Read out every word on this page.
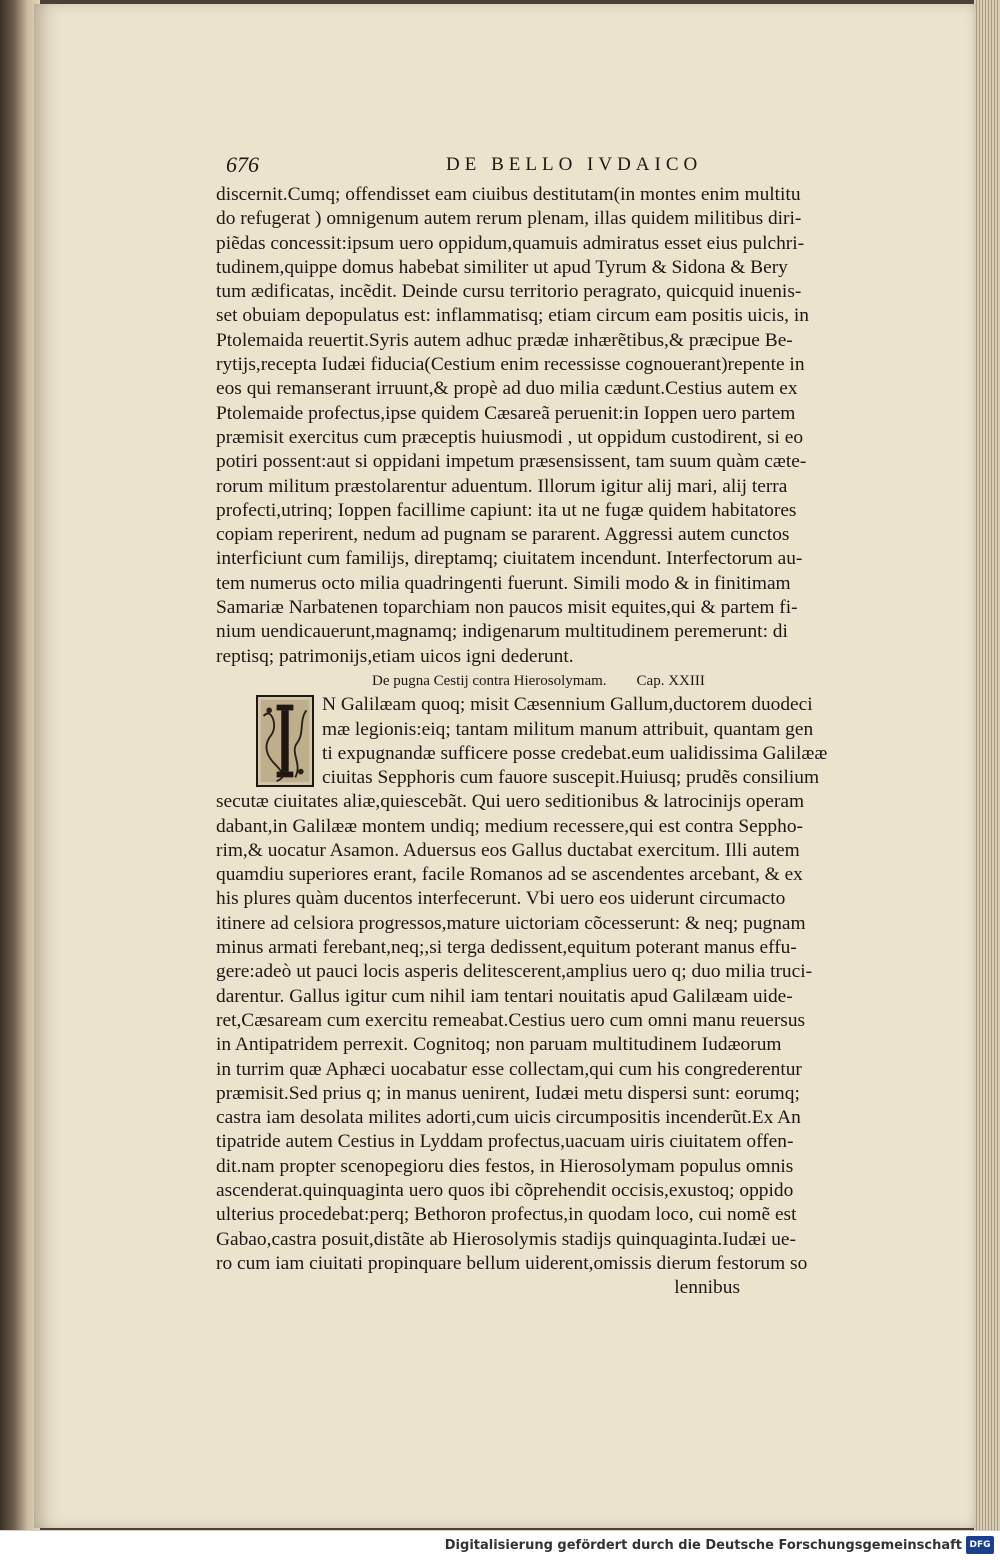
676	DE BELLO IVDAICO
discernit.Cumq; offendisset eam ciuibus destitutam(in montes enim multitu
do refugerat ) omnigenum autem rerum plenam, illas quidem militibus diri-
piẽdas concessit:ipsum uero oppidum,quamuis admiratus esset eius pulchri-
tudinem,quippe domus habebat similiter ut apud Tyrum & Sidona & Bery
tum ædificatas, incẽdit. Deinde cursu territorio peragrato, quicquid inuenis-
set obuiam depopulatus est: inflammatisq; etiam circum eam positis uicis, in
Ptolemaida reuertit.Syris autem adhuc prædæ inhærẽtibus,& præcipue Be-
rytijs,recepta Iudæi fiducia(Cestium enim recessisse cognouerant)repente in
eos qui remanserant irruunt,& propè ad duo milia cædunt.Cestius autem ex
Ptolemaide profectus,ipse quidem Cæsareã peruenit:in Ioppen uero partem
præmisit exercitus cum præceptis huiusmodi , ut oppidum custodirent, si eo
potiri possent:aut si oppidani impetum præsensissent, tam suum quàm cæte-
rorum militum præstolarentur aduentum. Illorum igitur alij mari, alij terra
profecti,utrinq; Ioppen facillime capiunt: ita ut ne fugæ quidem habitatores
copiam reperirent, nedum ad pugnam se pararent. Aggressi autem cunctos
interficiunt cum familijs, direptamq; ciuitatem incendunt. Interfectorum au-
tem numerus octo milia quadringenti fuerunt. Simili modo & in finitimam
Samariæ Narbatenen toparchiam non paucos misit equites,qui & partem fi-
nium uendicauerunt,magnamq; indigenarum multitudinem peremerunt: di
reptisq; patrimonijs,etiam uicos igni dederunt.
De pugna Cestij contra Hierosolymam. Cap. XXIII
N Galilæam quoq; misit Cæsennium Gallum,ductorem duodeci
mæ legionis:eiq; tantam militum manum attribuit, quantam gen
ti expugnandæ sufficere posse credebat.eum ualidissima Galilææ
ciuitas Sepphoris cum fauore suscepit.Huiusq; prudẽs consilium
secutæ ciuitates aliæ,quiescebãt. Qui uero seditionibus & latrocinijs operam
dabant,in Galilææ montem undiq; medium recessere,qui est contra Seppho-
rim,& uocatur Asamon. Aduersus eos Gallus ductabat exercitum. Illi autem
quamdiu superiores erant, facile Romanos ad se ascendentes arcebant, & ex
his plures quàm ducentos interfecerunt. Vbi uero eos uiderunt circumacto
itinere ad celsiora progressos,mature uictoriam cõcesserunt: & neq; pugnam
minus armati ferebant,neq;,si terga dedissent,equitum poterant manus effu-
gere:adeò ut pauci locis asperis delitescerent,amplius uero q; duo milia truci-
darentur. Gallus igitur cum nihil iam tentari nouitatis apud Galilæam uide-
ret,Cæsaream cum exercitu remeabat.Cestius uero cum omni manu reuersus
in Antipatridem perrexit. Cognitoq; non paruam multitudinem Iudæorum
in turrim quæ Aphæci uocabatur esse collectam,qui cum his congrederentur
præmisit.Sed prius q; in manus uenirent, Iudæi metu dispersi sunt: eorumq;
castra iam desolata milites adorti,cum uicis circumpositis incenderũt.Ex An
tipatride autem Cestius in Lyddam profectus,uacuam uiris ciuitatem offen-
dit.nam propter scenopegioru dies festos, in Hierosolymam populus omnis
ascenderat.quinquaginta uero quos ibi cõprehendit occisis,exustoq; oppido
ulterius procedebat:perq; Bethoron profectus,in quodam loco, cui nomẽ est
Gabao,castra posuit,distãte ab Hierosolymis stadijs quinquaginta.Iudæi ue-
ro cum iam ciuitati propinquare bellum uiderent,omissis dierum festorum so
lennibus
Digitalisierung gefördert durch die Deutsche Forschungsgemeinschaft DFG
